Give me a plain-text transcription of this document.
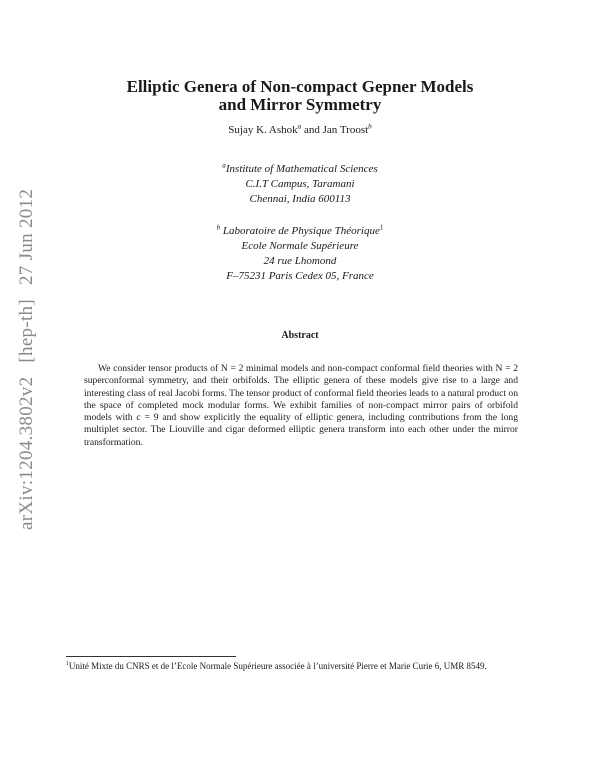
arXiv:1204.3802v2
[hep-th]
27 Jun 2012
Elliptic Genera of Non-compact Gepner Models
and Mirror Symmetry
Sujay K. Ashok$^a$ and Jan Troost$^b$
$^a$Institute of Mathematical Sciences
C.I.T Campus, Taramani
Chennai, India 600113
$^b$ Laboratoire de Physique Théorique$^1$
Ecole Normale Supérieure
24 rue Lhomond
F–75231 Paris Cedex 05, France
Abstract

We consider tensor products of N = 2 minimal models and non-compact conformal field theories with N = 2 superconformal symmetry, and their orbifolds. The elliptic genera of these models give rise to a large and interesting class of real Jacobi forms. The tensor product of conformal field theories leads to a natural product on the space of completed mock modular forms. We exhibit families of non-compact mirror pairs of orbifold models with c = 9 and show explicitly the equality of elliptic genera, including contributions from the long multiplet sector. The Liouville and cigar deformed elliptic genera transform into each other under the mirror transformation.

$^1$Unité Mixte du CNRS et de l’Ecole Normale Supérieure associée à l’université Pierre et Marie Curie 6, UMR 8549.
